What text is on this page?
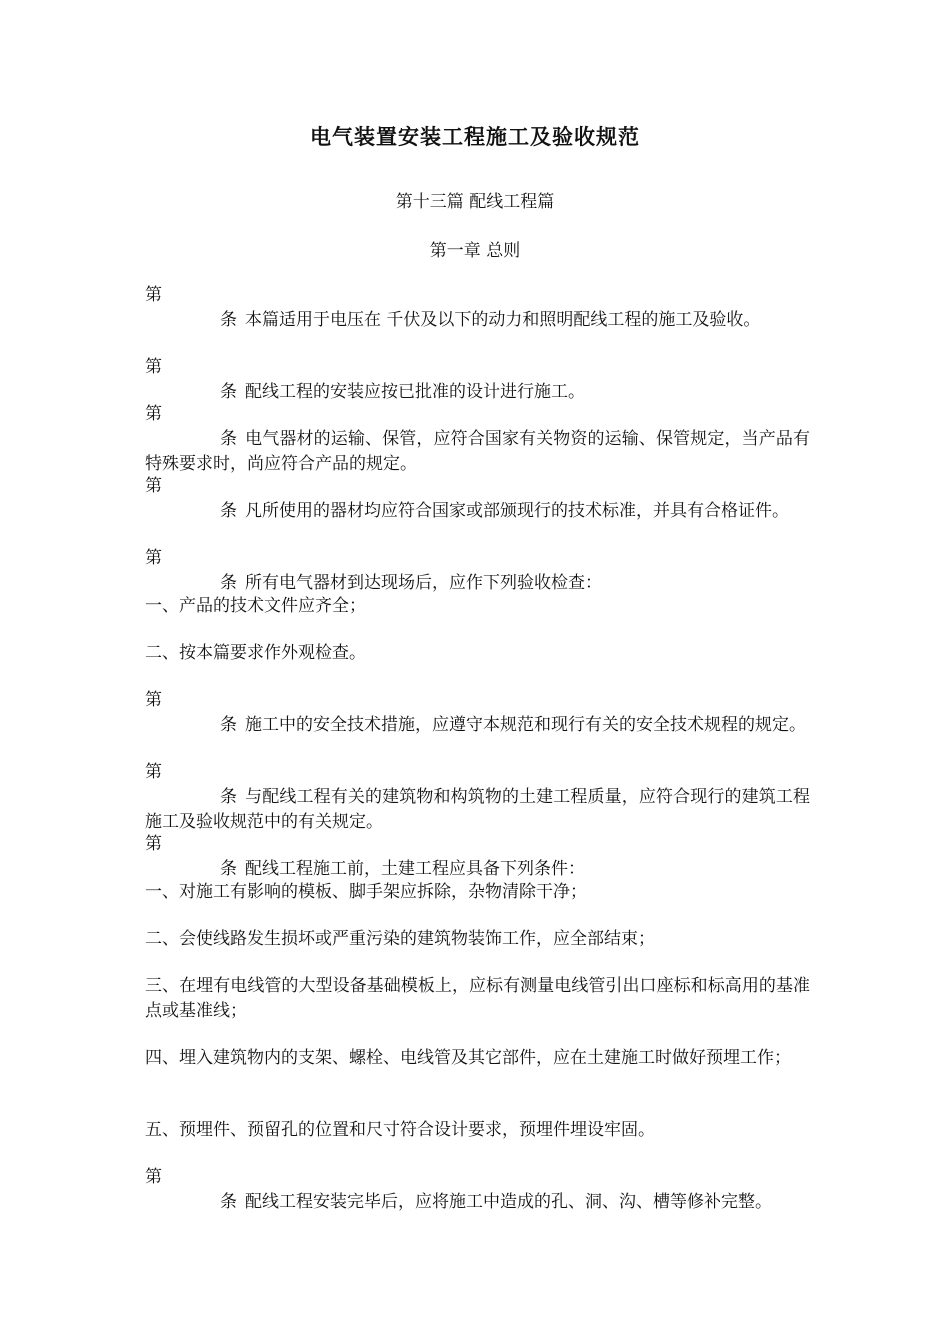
电气装置安装工程施工及验收规范
第十三篇 配线工程篇
第一章 总则
第条 本篇适用于电压在 千伏及以下的动力和照明配线工程的施工及验收。
第条 配线工程的安装应按已批准的设计进行施工。
第条 电气器材的运输、保管，应符合国家有关物资的运输、保管规定，当产品有特殊要求时，尚应符合产品的规定。
第条 凡所使用的器材均应符合国家或部颁现行的技术标准，并具有合格证件。
第条 所有电气器材到达现场后，应作下列验收检查：
一、产品的技术文件应齐全；
二、按本篇要求作外观检查。
第条 施工中的安全技术措施，应遵守本规范和现行有关的安全技术规程的规定。
第条 与配线工程有关的建筑物和构筑物的土建工程质量，应符合现行的建筑工程施工及验收规范中的有关规定。
第条 配线工程施工前，土建工程应具备下列条件：
一、对施工有影响的模板、脚手架应拆除，杂物清除干净；
二、会使线路发生损坏或严重污染的建筑物装饰工作，应全部结束；
三、在埋有电线管的大型设备基础模板上，应标有测量电线管引出口座标和标高用的基准点或基准线；
四、埋入建筑物内的支架、螺栓、电线管及其它部件，应在土建施工时做好预埋工作；
五、预埋件、预留孔的位置和尺寸符合设计要求，预埋件埋设牢固。
第条 配线工程安装完毕后，应将施工中造成的孔、洞、沟、槽等修补完整。
